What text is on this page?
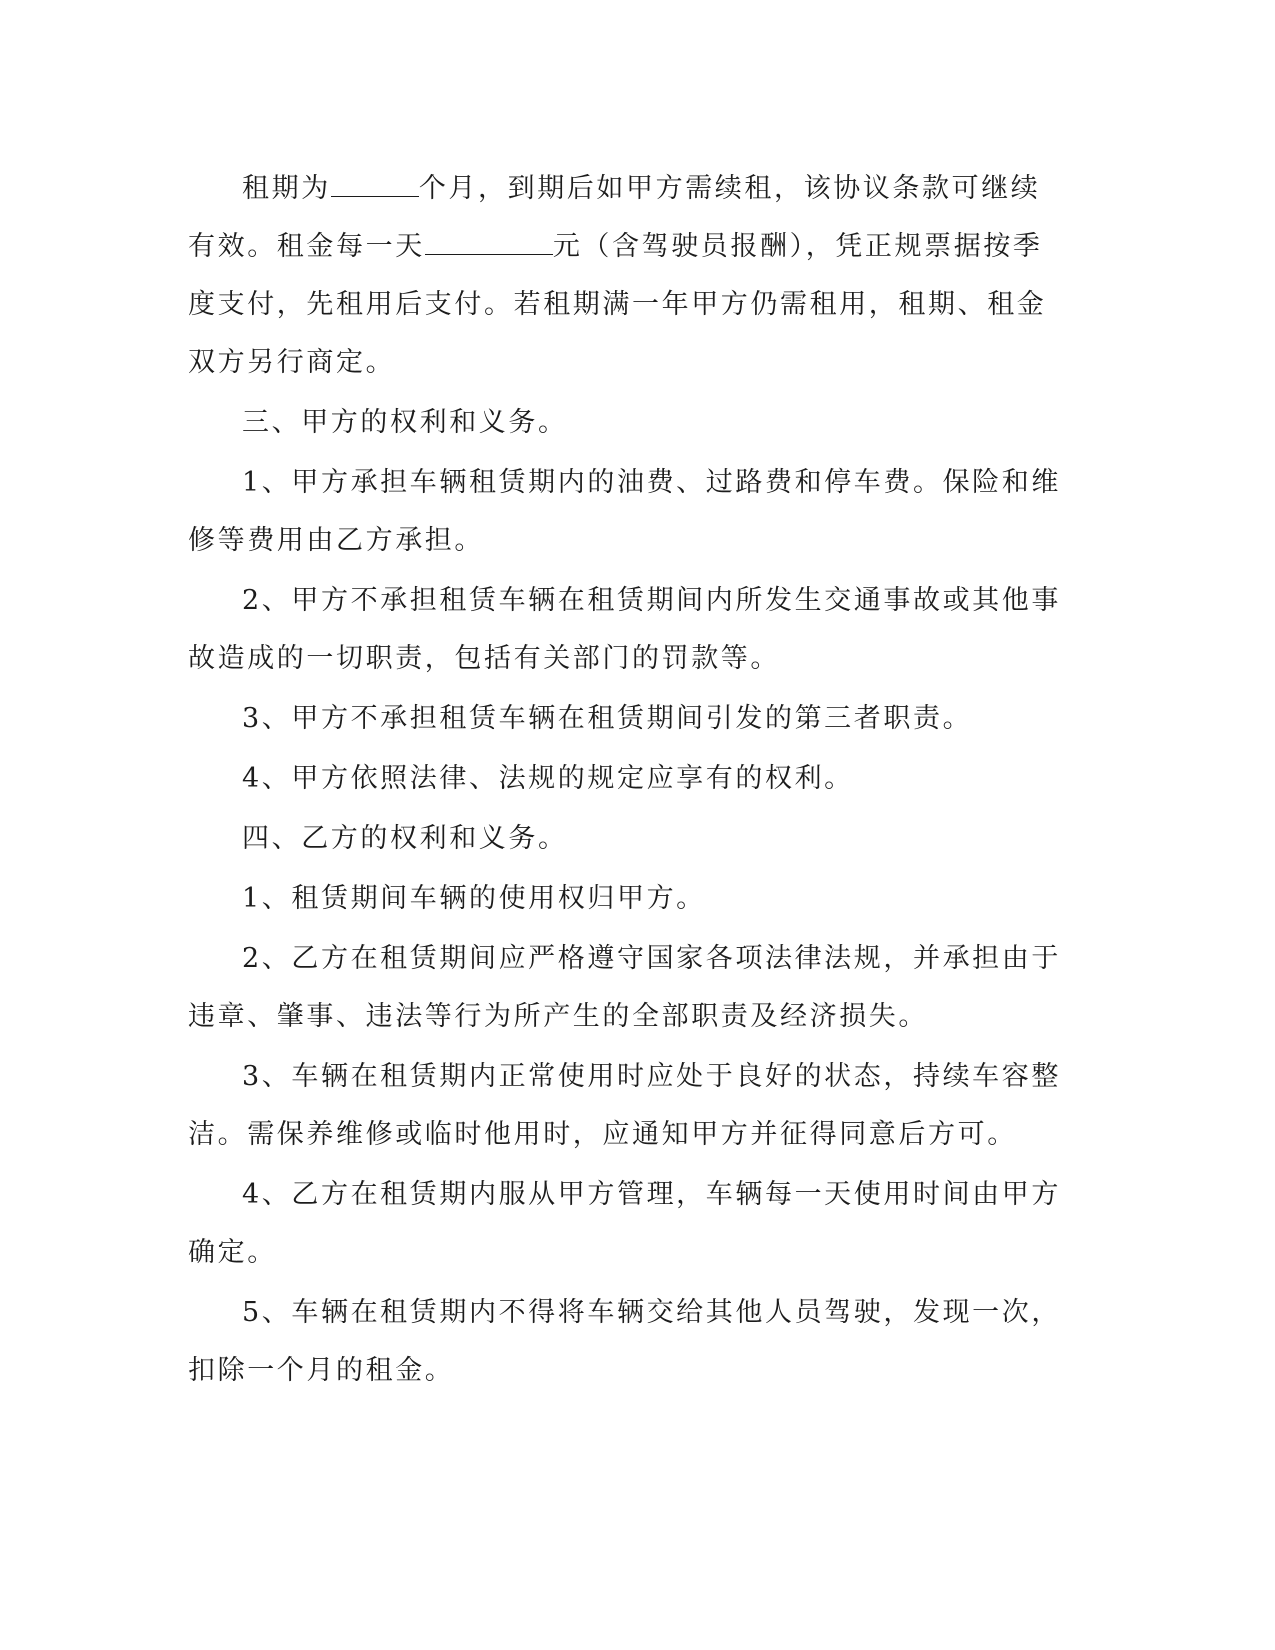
租期为	个月，到期后如甲方需续租，该协议条款可继续有效。租金每一天	元（含驾驶员报酬），凭正规票据按季度支付，先租用后支付。若租期满一年甲方仍需租用，租期、租金双方另行商定。

三、甲方的权利和义务。

1、甲方承担车辆租赁期内的油费、过路费和停车费。保险和维修等费用由乙方承担。

2、甲方不承担租赁车辆在租赁期间内所发生交通事故或其他事故造成的一切职责，包括有关部门的罚款等。

3、甲方不承担租赁车辆在租赁期间引发的第三者职责。

4、甲方依照法律、法规的规定应享有的权利。

四、乙方的权利和义务。

1、租赁期间车辆的使用权归甲方。

2、乙方在租赁期间应严格遵守国家各项法律法规，并承担由于违章、肇事、违法等行为所产生的全部职责及经济损失。

3、车辆在租赁期内正常使用时应处于良好的状态，持续车容整洁。需保养维修或临时他用时，应通知甲方并征得同意后方可。

4、乙方在租赁期内服从甲方管理，车辆每一天使用时间由甲方确定。

5、车辆在租赁期内不得将车辆交给其他人员驾驶，发现一次，扣除一个月的租金。
